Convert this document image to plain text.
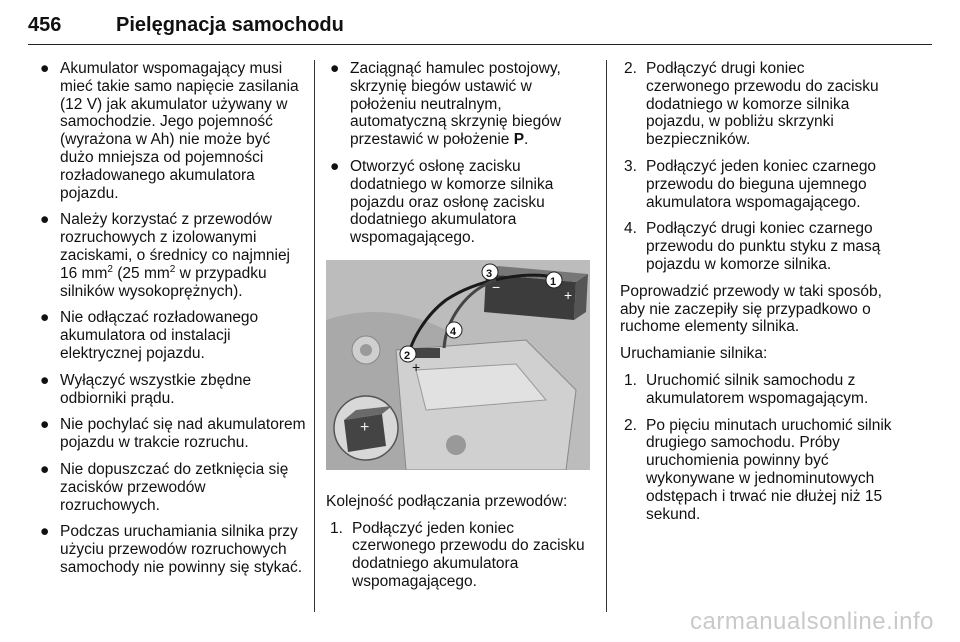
456	Pielęgnacja samochodu
● Akumulator wspomagający musi mieć takie samo napięcie zasilania (12 V) jak akumulator używany w samochodzie. Jego pojemność (wyrażona w Ah) nie może być dużo mniejsza od pojemności rozładowanego akumulatora pojazdu.
● Należy korzystać z przewodów rozruchowych z izolowanymi zaciskami, o średnicy co najmniej 16 $mm^2$ (25 $mm^2$ w przypadku silników wysokoprężnych).
● Nie odłączać rozładowanego akumulatora od instalacji elektrycznej pojazdu.
● Wyłączyć wszystkie zbędne odbiorniki prądu.
● Nie pochylać się nad akumulatorem pojazdu w trakcie rozruchu.
● Nie dopuszczać do zetknięcia się zacisków przewodów rozruchowych.
● Podczas uruchamiania silnika przy użyciu przewodów rozruchowych samochody nie powinny się stykać.
● Zaciągnąć hamulec postojowy, skrzynię biegów ustawić w położeniu neutralnym, automatyczną skrzynię biegów przestawić w położenie P.
● Otworzyć osłonę zacisku dodatniego w komorze silnika pojazdu oraz osłonę zacisku dodatniego akumulatora wspomagającego.
+
−
+
+
1
2
3
4

Kolejność podłączania przewodów:

1. Podłączyć jeden koniec czerwonego przewodu do zacisku dodatniego akumulatora wspomagającego.
2. Podłączyć drugi koniec czerwonego przewodu do zacisku dodatniego w komorze silnika pojazdu, w pobliżu skrzynki bezpieczników.
3. Podłączyć jeden koniec czarnego przewodu do bieguna ujemnego akumulatora wspomagającego.
4. Podłączyć drugi koniec czarnego przewodu do punktu styku z masą pojazdu w komorze silnika.

Poprowadzić przewody w taki sposób, aby nie zaczepiły się przypadkowo o ruchome elementy silnika.

Uruchamianie silnika:

1. Uruchomić silnik samochodu z akumulatorem wspomagającym.
2. Po pięciu minutach uruchomić silnik drugiego samochodu. Próby uruchomienia powinny być wykonywane w jednominutowych odstępach i trwać nie dłużej niż 15 sekund.
carmanualsonline.info
